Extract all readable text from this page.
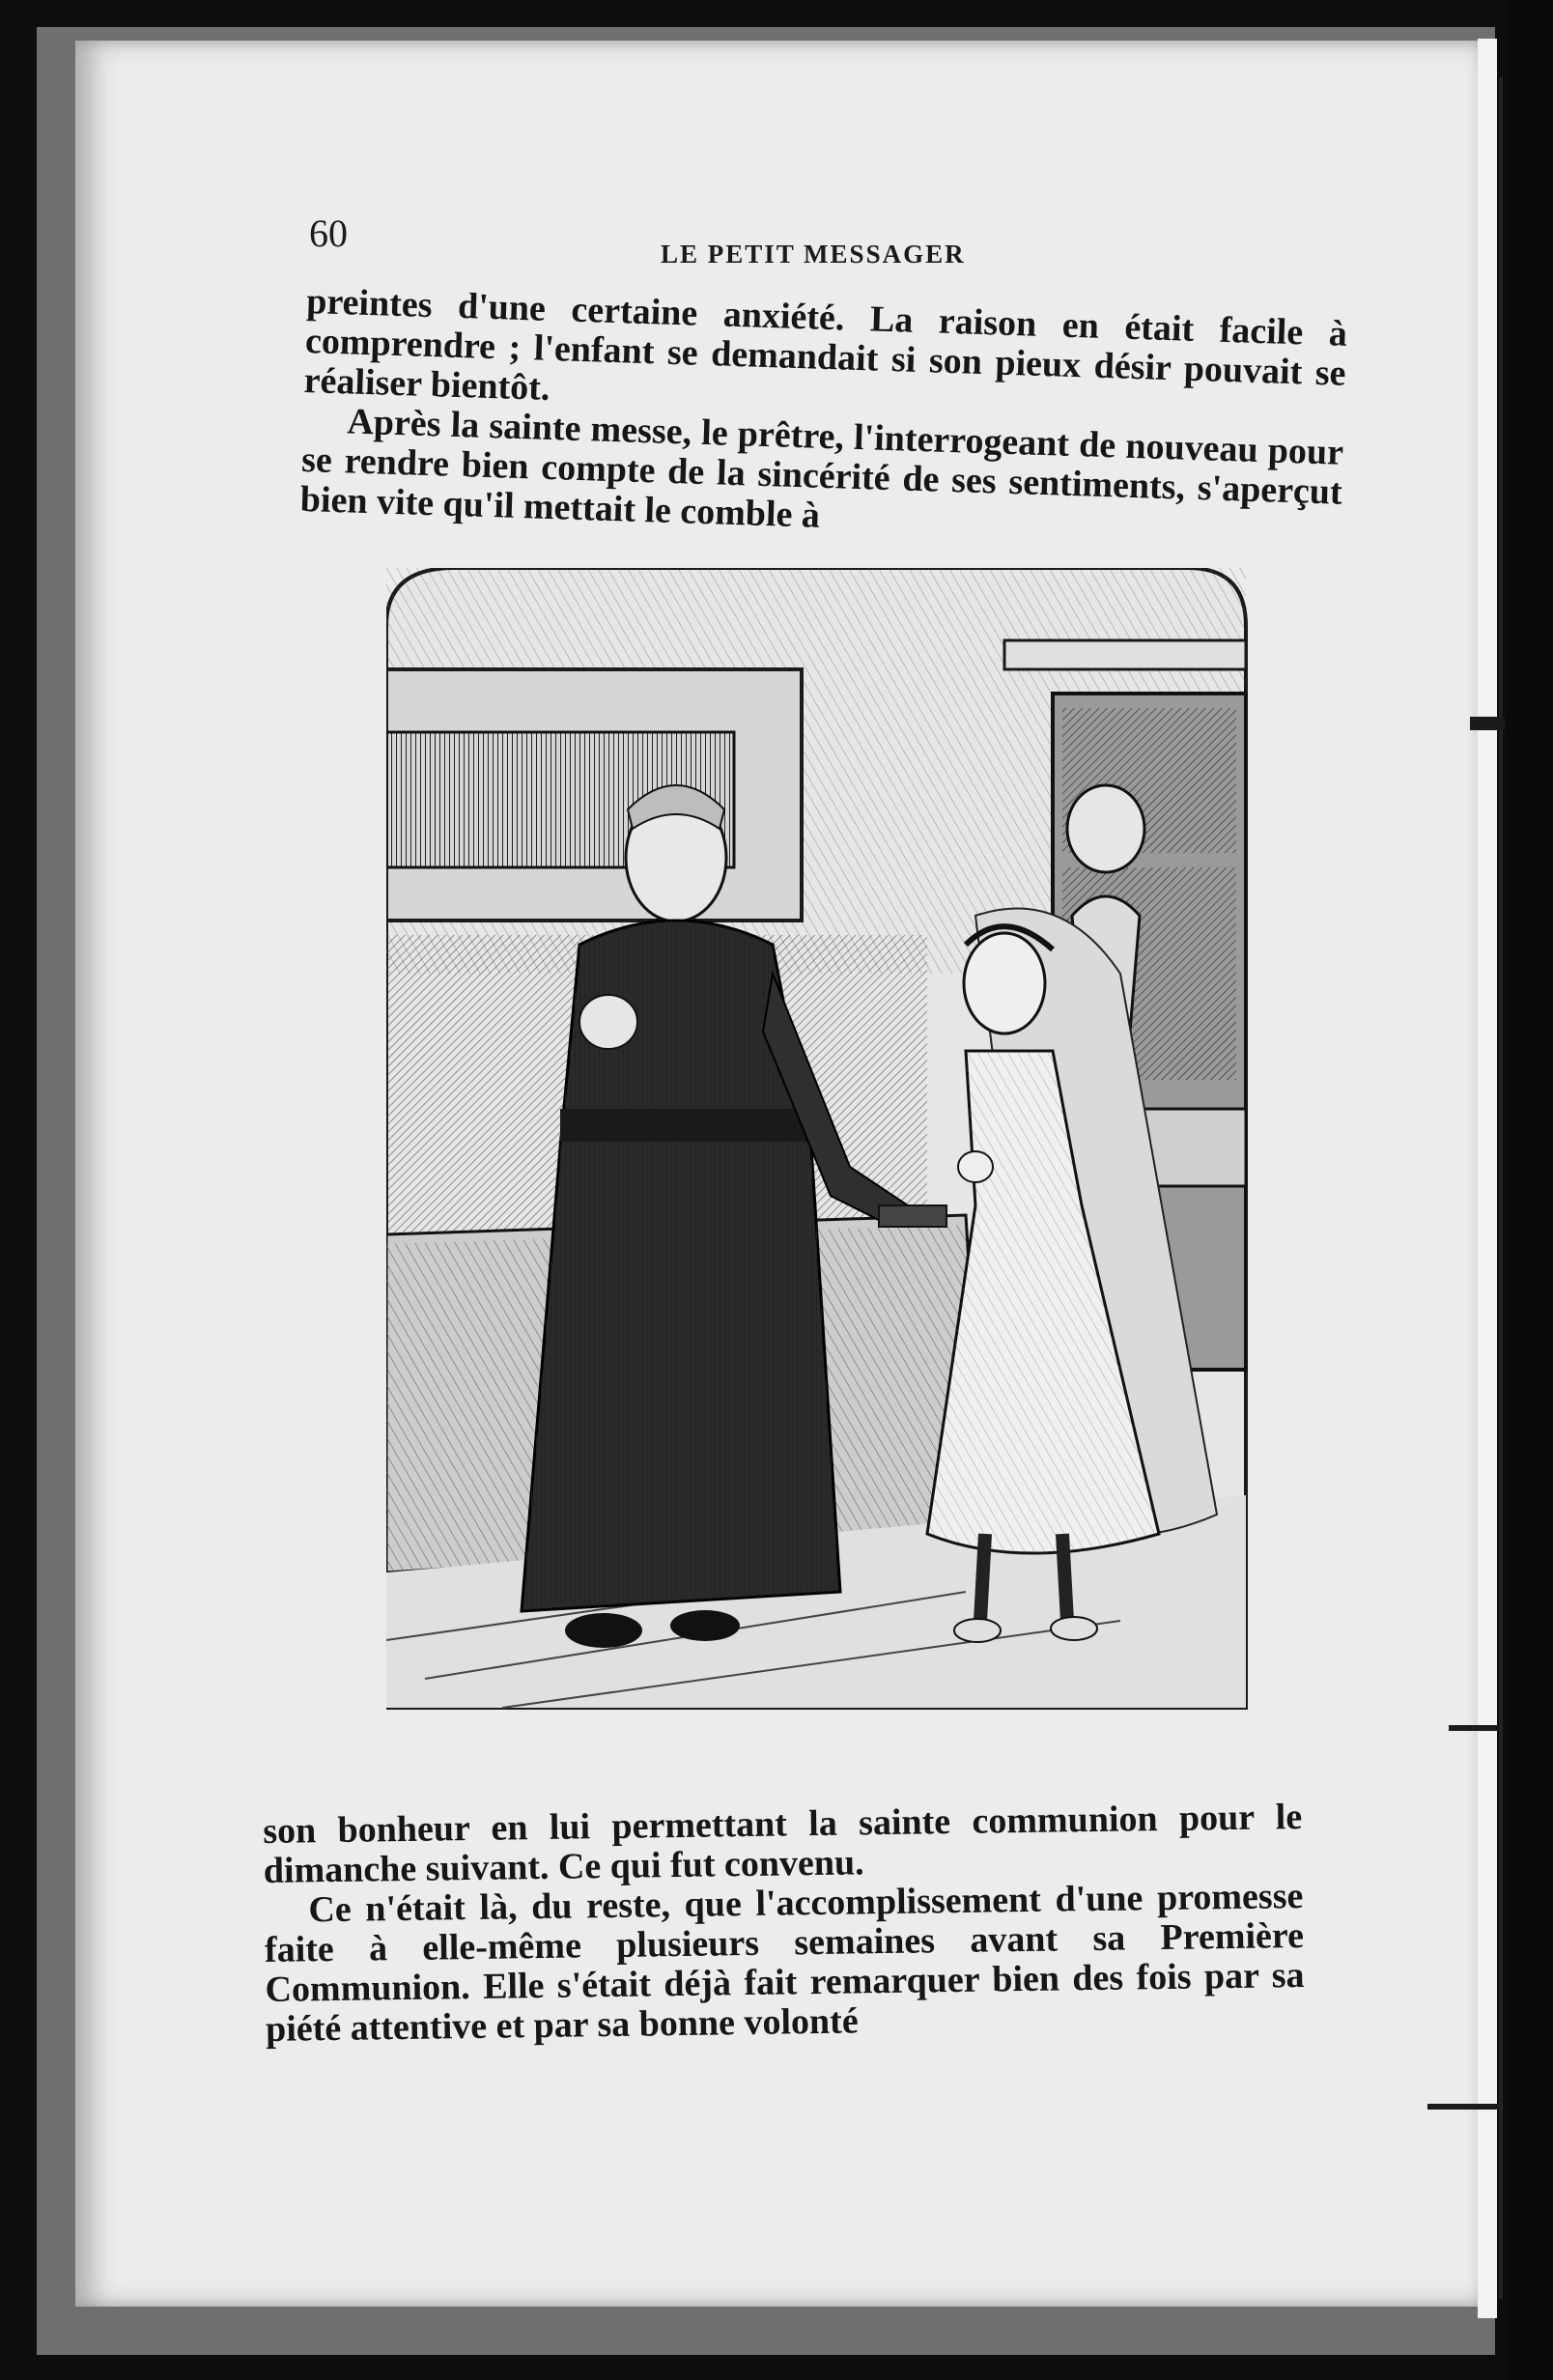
60	LE PETIT MESSAGER
preintes d'une certaine anxiété. La raison en était facile à comprendre ; l'enfant se demandait si son pieux désir pouvait se réaliser bientôt.
Après la sainte messe, le prêtre, l'interrogeant de nouveau pour se rendre bien compte de la sincérité de ses sentiments, s'aperçut bien vite qu'il mettait le comble à
son bonheur en lui permettant la sainte communion pour le dimanche suivant. Ce qui fut convenu.
Ce n'était là, du reste, que l'accomplissement d'une promesse faite à elle-même plusieurs semaines avant sa Première Communion. Elle s'était déjà fait remarquer bien des fois par sa piété attentive et par sa bonne volonté
